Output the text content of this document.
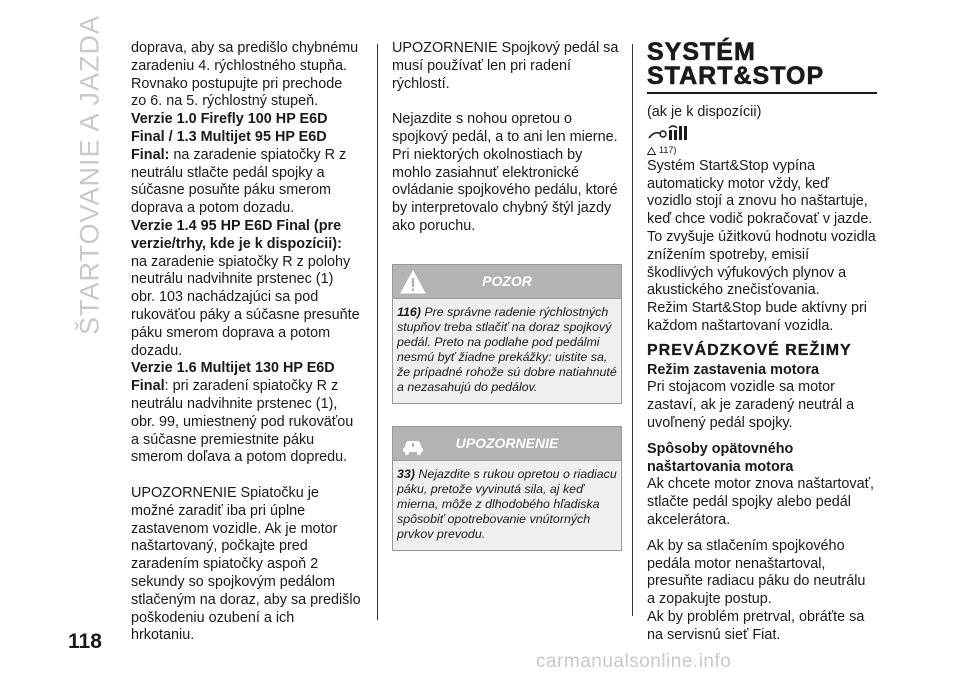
ŠTARTOVANIE A JAZDA doprava, aby sa predišlo chybnému zaradeniu 4. rýchlostného stupňa.

Rovnako postupujte pri prechode zo 6. na 5. rýchlostný stupeň.

Verzie 1.0 Firefly 100 HP E6D Final / 1.3 Multijet 95 HP E6D Final: na zaradenie spiatočky R z neutrálu stlačte pedál spojky a súčasne posuňte páku smerom doprava a potom dozadu.

Verzie 1.4 95 HP E6D Final (pre verzie/trhy, kde je k dispozícii): na zaradenie spiatočky R z polohy neutrálu nadvihnite prstenec (1) obr. 103 nachádzajúci sa pod rukoväťou páky a súčasne presuňte páku smerom doprava a potom dozadu.

Verzie 1.6 Multijet 130 HP E6D Final: pri zaradení spiatočky R z neutrálu nadvihnite prstenec (1), obr. 99, umiestnený pod rukoväťou a súčasne premiestnite páku smerom doľava a potom dopredu.

UPOZORNENIE Spiatočku je možné zaradiť iba pri úplne zastavenom vozidle. Ak je motor naštartovaný, počkajte pred zaradením spiatočky aspoň 2 sekundy so spojkovým pedálom stlačeným na doraz, aby sa predišlo poškodeniu ozubení a ich hrkotaniu.

UPOZORNENIE Spojkový pedál sa musí používať len pri radení rýchlostí.

Nejazdite s nohou opretou o spojkový pedál, a to ani len mierne. Pri niektorých okolnostiach by mohlo zasiahnuť elektronické ovládanie spojkového pedálu, ktoré by interpretovalo chybný štýl jazdy ako poruchu.

POZOR
116) Pre správne radenie rýchlostných stupňov treba stlačiť na doraz spojkový pedál. Preto na podlahe pod pedálmi nesmú byť žiadne prekážky: uistite sa, že prípadné rohože sú dobre natiahnuté a nezasahujú do pedálov.
UPOZORNENIE
33) Nejazdite s rukou opretou o riadiacu páku, pretože vyvinutá sila, aj keď mierna, môže z dlhodobého hľadiska spôsobiť opotrebovanie vnútorných prvkov prevodu.
SYSTÉM
START&STOP

(ak je k dispozícii)

117)

Systém Start&Stop vypína automaticky motor vždy, keď vozidlo stojí a znovu ho naštartuje, keď chce vodič pokračovať v jazde.

To zvyšuje úžitkovú hodnotu vozidla znížením spotreby, emisií škodlivých výfukových plynov a akustického znečisťovania.

Režim Start&Stop bude aktívny pri každom naštartovaní vozidla.

PREVÁDZKOVÉ REŽIMY

Režim zastavenia motora

Pri stojacom vozidle sa motor zastaví, ak je zaradený neutrál a uvoľnený pedál spojky.

Spôsoby opätovného naštartovania motora

Ak chcete motor znova naštartovať, stlačte pedál spojky alebo pedál akcelerátora.

Ak by sa stlačením spojkového pedála motor nenaštartoval, presuňte radiacu páku do neutrálu a zopakujte postup.

Ak by problém pretrval, obráťte sa na servisnú sieť Fiat.

118
carmanualsonline.info
